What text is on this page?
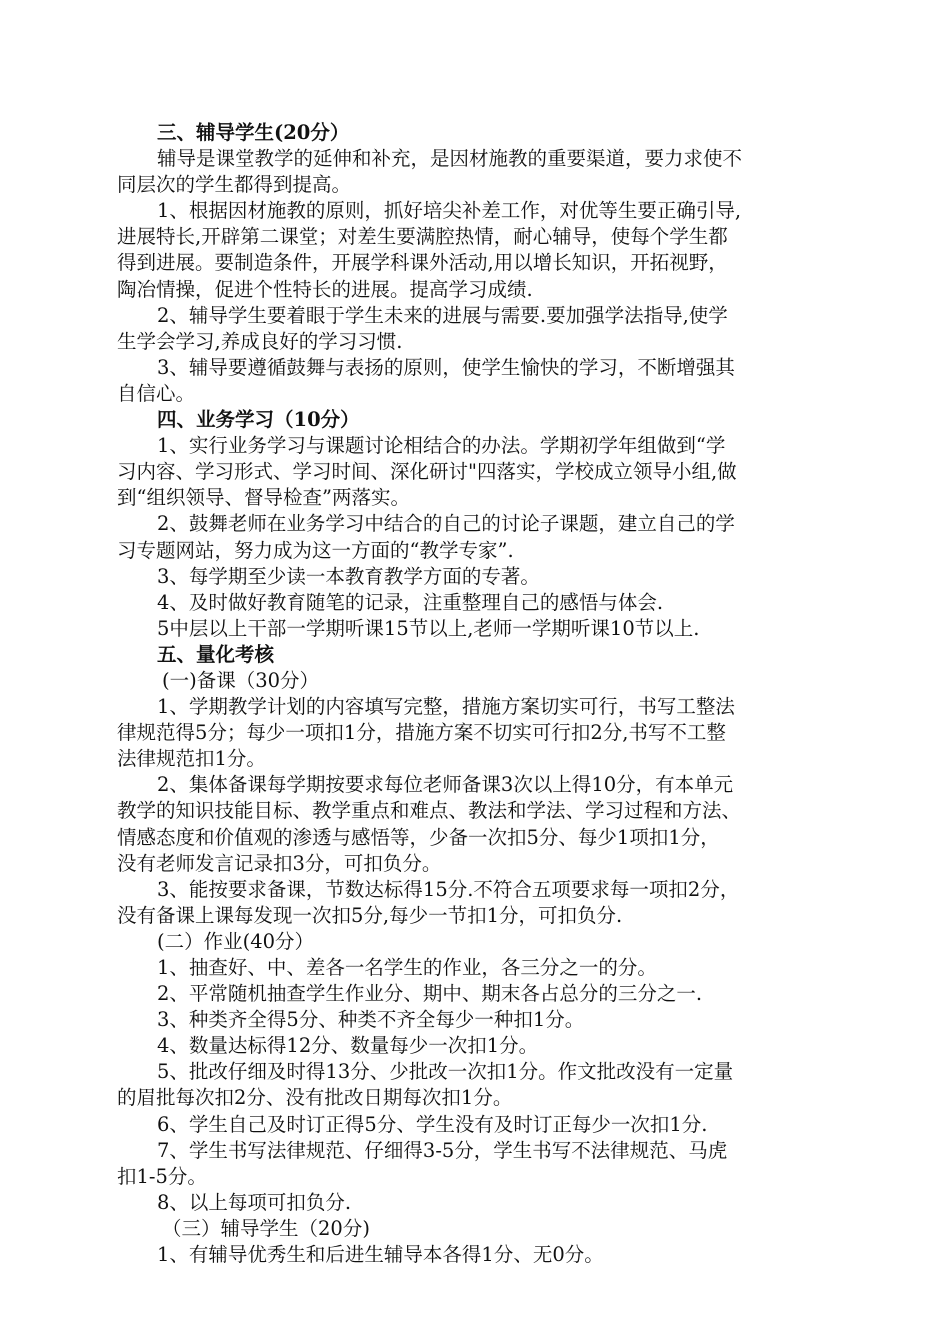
三、辅导学生(20分）
辅导是课堂教学的延伸和补充，是因材施教的重要渠道，要力求使不
同层次的学生都得到提高。
1、根据因材施教的原则，抓好培尖补差工作，对优等生要正确引导,
进展特长,开辟第二课堂；对差生要满腔热情，耐心辅导，使每个学生都
得到进展。要制造条件，开展学科课外活动,用以增长知识，开拓视野，
陶冶情操，促进个性特长的进展。提高学习成绩.
2、辅导学生要着眼于学生未来的进展与需要.要加强学法指导,使学
生学会学习,养成良好的学习习惯.
3、辅导要遵循鼓舞与表扬的原则，使学生愉快的学习，不断增强其
自信心。
四、业务学习（10分）
1、实行业务学习与课题讨论相结合的办法。学期初学年组做到“学
习内容、学习形式、学习时间、深化研讨"四落实，学校成立领导小组,做
到“组织领导、督导检查”两落实。
2、鼓舞老师在业务学习中结合的自己的讨论子课题，建立自己的学
习专题网站，努力成为这一方面的“教学专家”.
3、每学期至少读一本教育教学方面的专著。
4、及时做好教育随笔的记录，注重整理自己的感悟与体会.
5中层以上干部一学期听课15节以上,老师一学期听课10节以上.
五、量化考核
(一)备课（30分）
1、学期教学计划的内容填写完整，措施方案切实可行，书写工整法
律规范得5分；每少一项扣1分，措施方案不切实可行扣2分,书写不工整
法律规范扣1分。
2、集体备课每学期按要求每位老师备课3次以上得10分，有本单元
教学的知识技能目标、教学重点和难点、教法和学法、学习过程和方法、
情感态度和价值观的渗透与感悟等，少备一次扣5分、每少1项扣1分，
没有老师发言记录扣3分，可扣负分。
3、能按要求备课，节数达标得15分.不符合五项要求每一项扣2分，
没有备课上课每发现一次扣5分,每少一节扣1分，可扣负分.
(二）作业(40分）
1、抽查好、中、差各一名学生的作业，各三分之一的分。
2、平常随机抽查学生作业分、期中、期末各占总分的三分之一.
3、种类齐全得5分、种类不齐全每少一种扣1分。
4、数量达标得12分、数量每少一次扣1分。
5、批改仔细及时得13分、少批改一次扣1分。作文批改没有一定量
的眉批每次扣2分、没有批改日期每次扣1分。
6、学生自己及时订正得5分、学生没有及时订正每少一次扣1分.
7、学生书写法律规范、仔细得3-5分，学生书写不法律规范、马虎
扣1-5分。
8、以上每项可扣负分.
（三）辅导学生（20分)
1、有辅导优秀生和后进生辅导本各得1分、无0分。
